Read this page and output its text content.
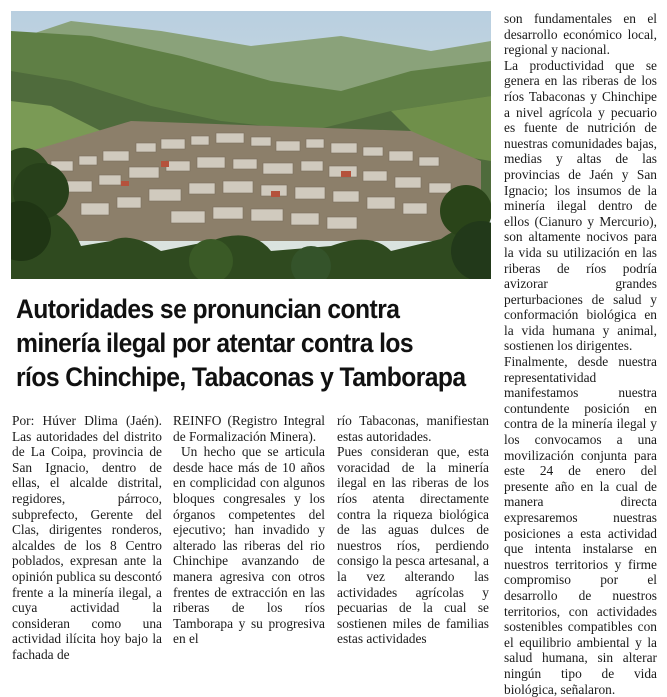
Autoridades se pronuncian contra
minería ilegal por atentar contra los
ríos Chinchipe, Tabaconas y Tamborapa

Por: Húver Dlima (Jaén). Las autoridades del distrito de La Coipa, provincia de San Ignacio, dentro de ellas, el alcalde distrital, regidores, párroco, subprefecto, Gerente del Clas, dirigentes ronderos, alcaldes de los 8 Centro poblados, expresan ante la opinión publica su descontó frente a la minería ilegal, a cuya actividad la consideran como una actividad ilícita hoy bajo la fachada de

REINFO (Registro Integral de Formalización Minera).

Un hecho que se articula desde hace más de 10 años en complicidad con algunos bloques congresales y los órganos competentes del ejecutivo; han invadido y alterado las riberas del rio Chinchipe avanzando de manera agresiva con otros frentes de extracción en las riberas de los ríos Tamborapa y su progresiva en el

río Tabaconas, manifiestan estas autoridades.

Pues consideran que, esta voracidad de la minería ilegal en las riberas de los ríos atenta directamente contra la riqueza biológica de las aguas dulces de nuestros ríos, perdiendo consigo la pesca artesanal, a la vez alterando las actividades agrícolas y pecuarias de la cual se sostienen miles de familias estas actividades

son fundamentales en el desarrollo económico local, regional y nacional.

La productividad que se genera en las riberas de los ríos Tabaconas y Chinchipe a nivel agrícola y pecuario es fuente de nutrición de nuestras comunidades bajas, medias y altas de las provincias de Jaén y San Ignacio; los insumos de la minería ilegal dentro de ellos (Cianuro y Mercurio), son altamente nocivos para la vida su utilización en las riberas de ríos podría avizorar grandes perturbaciones de salud y conformación biológica en la vida humana y animal, sostienen los dirigentes.

Finalmente, desde nuestra representatividad manifestamos nuestra contundente posición en contra de la minería ilegal y los convocamos a una movilización conjunta para este 24 de enero del presente año en la cual de manera directa expresaremos nuestras posiciones a esta actividad que intenta instalarse en nuestros territorios y firme compromiso por el desarrollo de nuestros territorios, con actividades sostenibles compatibles con el equilibrio ambiental y la salud humana, sin alterar ningún tipo de vida biológica, señalaron.
